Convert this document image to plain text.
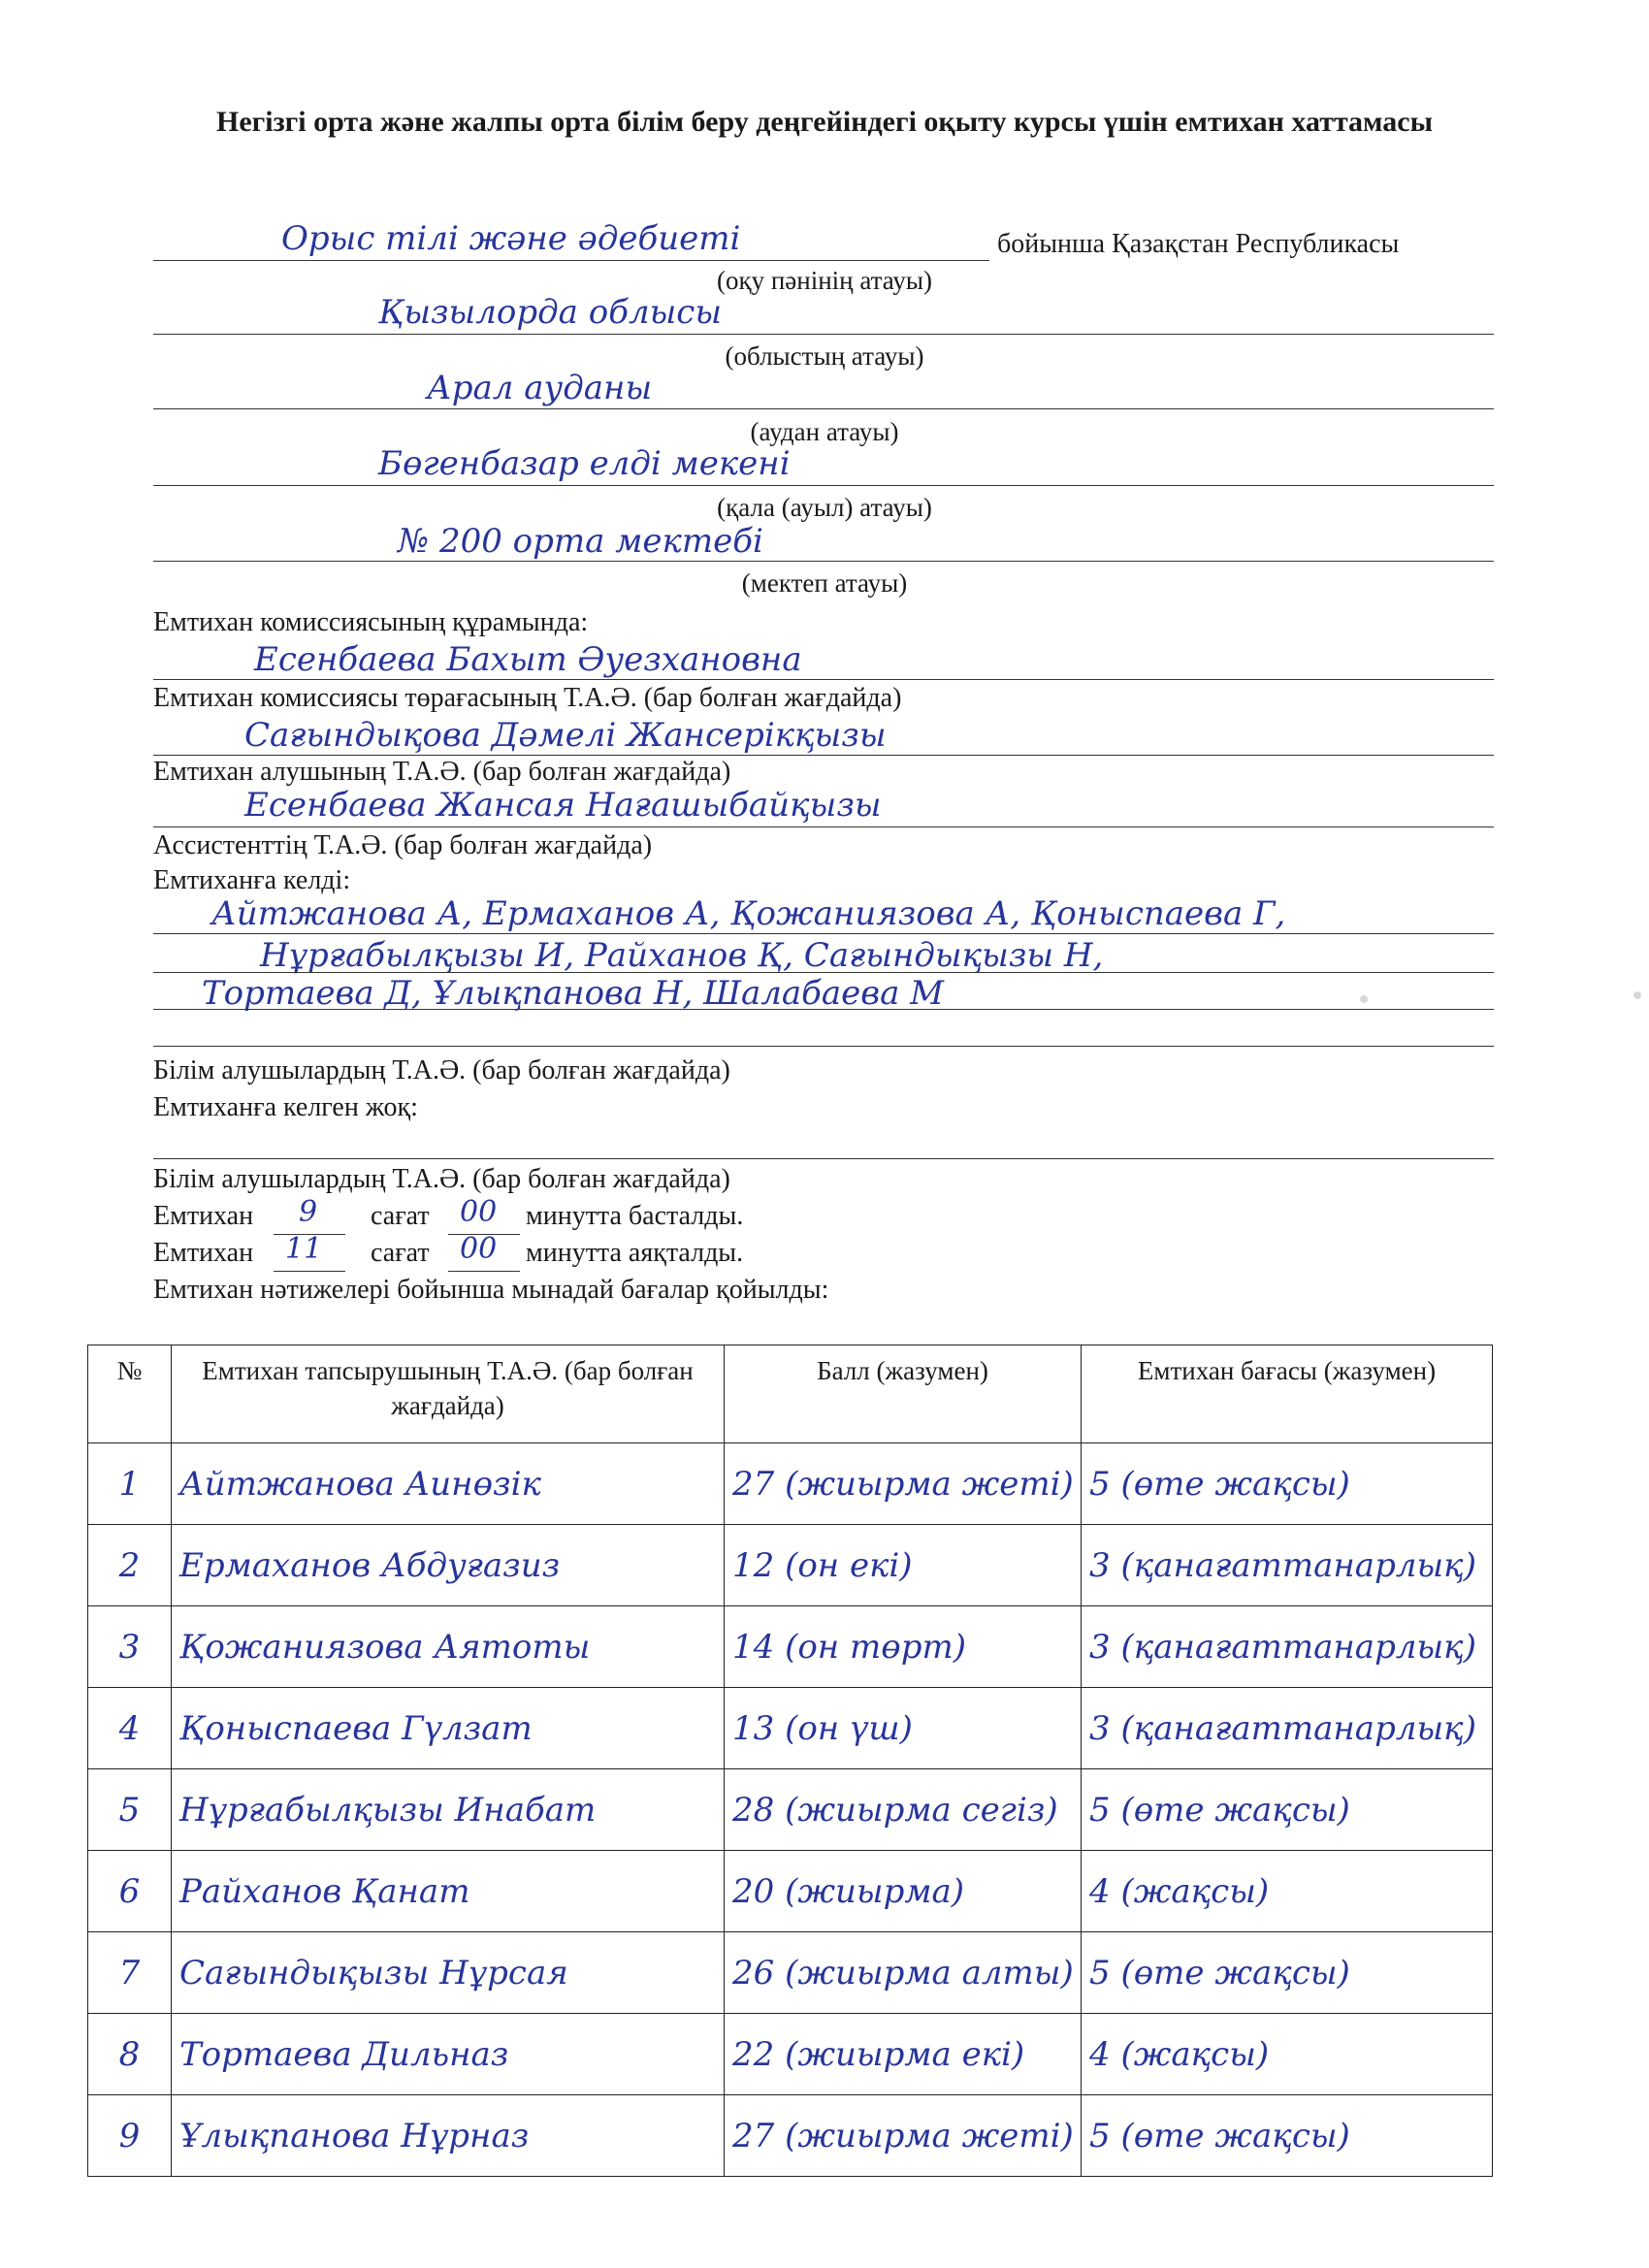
Негізгі орта және жалпы орта білім беру деңгейіндегі оқыту курсы үшін емтихан хаттамасы
Орыс тілі және әдебиеті	бойынша Қазақстан Республикасы
(оқу пәнінің атауы)
Қызылорда облысы
(облыстың атауы)
Арал ауданы
(аудан атауы)
Бөгенбазар елді мекені
(қала (ауыл) атауы)
№ 200 орта мектебі
(мектеп атауы)
Емтихан комиссиясының құрамында:
Есенбаева Бахыт Әуезхановна
Емтихан комиссиясы төрағасының Т.А.Ә. (бар болған жағдайда)
Сағындықова Дәмелі Жансерікқызы
Емтихан алушының Т.А.Ә. (бар болған жағдайда)
Есенбаева Жансая Нағашыбайқызы
Ассистенттің Т.А.Ә. (бар болған жағдайда)
Емтиханға келді:
Айтжанова А, Ермаханов А, Қожаниязова А, Қоныспаева Г,
Нұрғабылқызы И, Райханов Қ, Сағындықызы Н,
Тортаева Д, Ұлықпанова Н, Шалабаева М
Білім алушылардың Т.А.Ә. (бар болған жағдайда)
Емтиханға келген жоқ:
Білім алушылардың Т.А.Ә. (бар болған жағдайда)
Емтихан 9 сағат 00 минутта басталды.
Емтихан 11 сағат 00 минутта аяқталды.
Емтихан нәтижелері бойынша мынадай бағалар қойылды:
№	Емтихан тапсырушының Т.А.Ә. (бар болған жағдайда)	Балл (жазумен)	Емтихан бағасы (жазумен)
1	Айтжанова Аинөзік	27 (жиырма жеті)	5 (өте жақсы)
2	Ермаханов Абдуғазиз	12 (он екі)	3 (қанағаттанарлық)
3	Қожаниязова Аятоты	14 (он төрт)	3 (қанағаттанарлық)
4	Қоныспаева Гүлзат	13 (он үш)	3 (қанағаттанарлық)
5	Нұрғабылқызы Инабат	28 (жиырма сегіз)	5 (өте жақсы)
6	Райханов Қанат	20 (жиырма)	4 (жақсы)
7	Сағындықызы Нұрсая	26 (жиырма алты)	5 (өте жақсы)
8	Тортаева Дильназ	22 (жиырма екі)	4 (жақсы)
9	Ұлықпанова Нұрназ	27 (жиырма жеті)	5 (өте жақсы)
